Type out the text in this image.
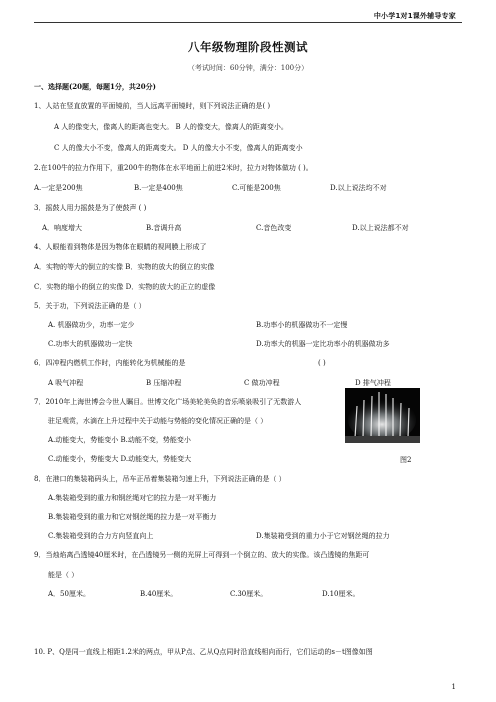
中小学1对1课外辅导专家
八年级物理阶段性测试
（考试时间：60分钟，满分：100分）
一、选择题(20题，每题1分，共20分)
1、人站在竖直放置的平面镜前，当人远离平面镜时，则下列说法正确的是( )
A 人的像变大，像离人的距离也变大。 B 人的像变大，像离人的距离变小。
C 人的像大小不变，像离人的距离变大。 D 人的像大小不变，像离人的距离变小
2.在100牛的拉力作用下，重200牛的物体在水平地面上前进2米时，拉力对物体做功 ( )。
A.一定是200焦	B.一定是400焦	C.可能是200焦	D.以上说法均不对
3．摇鼓人用力摇鼓是为了使鼓声 ( )
A．响度增大	B.音调升高	C.音色改变	D.以上说法都不对
4、人眼能看到物体是因为物体在眼睛的视网膜上形成了
A．实物的等大的倒立的实像 B．实物的放大的倒立的实像
C．实物的缩小的倒立的实像 D．实物的放大的正立的虚像
5．关于功，下列说法正确的是（ ）
A. 机器做功少，功率一定少	B.功率小的机器做功不一定慢
C.功率大的机器做功一定快	D.功率大的机器一定比功率小的机器做功多
6．四冲程内燃机工作时，内能转化为机械能的是	( )
A 吸气冲程	B 压缩冲程	C 做功冲程	D 排气冲程
7．2010年上海世博会今世人瞩目。世博文化广场美轮美奂的音乐喷泉吸引了无数游人
驻足观赏，水滴在上升过程中关于动能与势能的变化情况正确的是（ ）
A.动能变大，势能变小 B.动能不变，势能变小
C.动能变小，势能变大 D.动能变大，势能变大	图2
8．在港口的集装箱码头上，吊车正吊着集装箱匀速上升，下列说法正确的是（ ）
A.集装箱受到的重力和钢丝绳对它的拉力是一对平衡力
B.集装箱受到的重力和它对钢丝绳的拉力是一对平衡力
C.集装箱受到的合力方向竖直向上	D.集装箱受到的重力小于它对钢丝绳的拉力
9．当烛焰离凸透镜40厘米时，在凸透镜另一侧的光屏上可得到一个倒立的、放大的实像。该凸透镜的焦距可
能是（ ）
A．50厘米。	B.40厘米。	C.30厘米。	D.10厘米。
10. P、Q是同一直线上相距1.2米的两点，甲从P点、乙从Q点同时沿直线相向而行，它们运动的s－t图像如图
1
